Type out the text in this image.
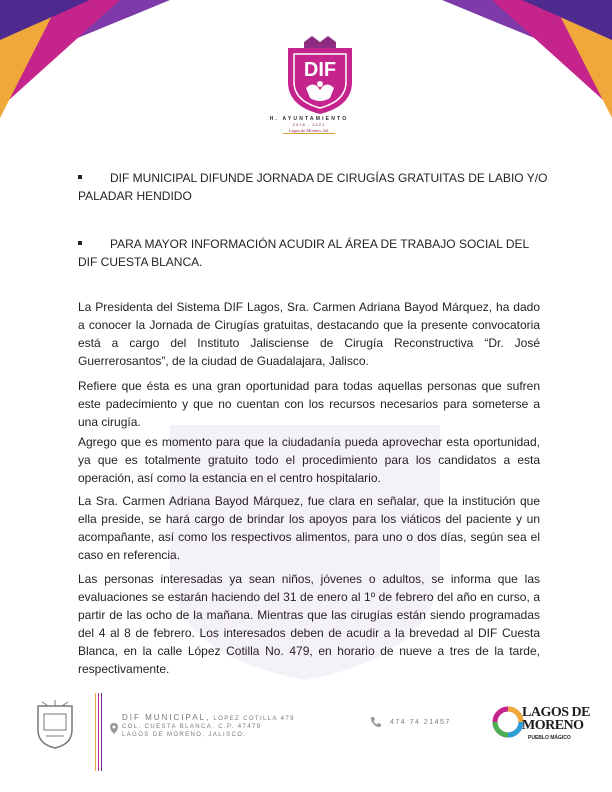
DIF
H. AYUNTAMIENTO
2018 - 2021
Lagos de Moreno, Jal.
DIF MUNICIPAL DIFUNDE JORNADA DE CIRUGÍAS GRATUITAS DE LABIO Y/O PALADAR HENDIDO
PARA MAYOR INFORMACIÓN ACUDIR AL ÁREA DE TRABAJO SOCIAL DEL DIF CUESTA BLANCA.

La Presidenta del Sistema DIF Lagos, Sra. Carmen Adriana Bayod Márquez, ha dado a conocer la Jornada de Cirugías gratuitas, destacando que la presente convocatoria está a cargo del Instituto Jalisciense de Cirugía Reconstructiva “Dr. José Guerrerosantos”, de la ciudad de Guadalajara, Jalisco.

Refiere que ésta es una gran oportunidad para todas aquellas personas que sufren este padecimiento y que no cuentan con los recursos necesarios para someterse a una cirugía.

Agrego que es momento para que la ciudadanía pueda aprovechar esta oportunidad, ya que es totalmente gratuito todo el procedimiento para los candidatos a esta operación, así como la estancia en el centro hospitalario.

La Sra. Carmen Adriana Bayod Márquez, fue clara en señalar, que la institución que ella preside, se hará cargo de brindar los apoyos para los viáticos del paciente y un acompañante, así como los respectivos alimentos, para uno o dos días, según sea el caso en referencia.

Las personas interesadas ya sean niños, jóvenes o adultos, se informa que las evaluaciones se estarán haciendo del 31 de enero al 1º de febrero del año en curso, a partir de las ocho de la mañana. Mientras que las cirugías están siendo programadas del 4 al 8 de febrero. Los interesados deben de acudir a la brevedad al DIF Cuesta Blanca, en la calle López Cotilla No. 479, en horario de nueve a tres de la tarde, respectivamente.

DIF MUNICIPAL, LOPEZ COTILLA 479
COL. CUESTA BLANCA. C.P. 47479
LAGOS DE MORENO, JALISCO.
474 74 21457
LAGOS DE
MORENO
PUEBLO MÁGICO
